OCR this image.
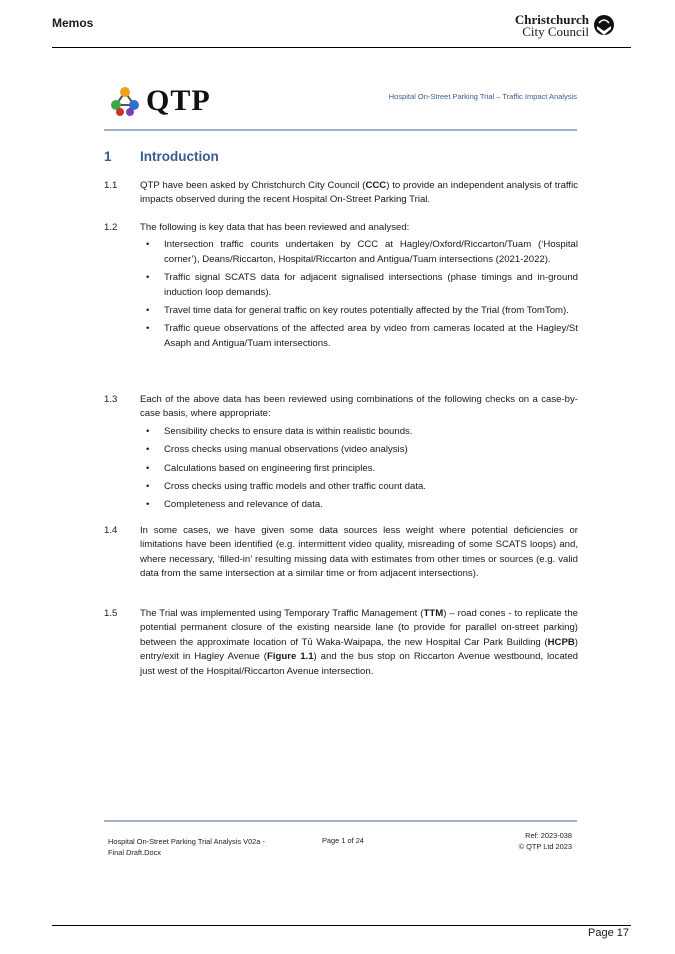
Memos	Christchurch
City Council
QTP	Hospital On-Street Parking Trial – Traffic Impact Analysis
1	Introduction
1.1	QTP have been asked by Christchurch City Council (CCC) to provide an independent analysis of traffic impacts observed during the recent Hospital On-Street Parking Trial.
1.2	The following is key data that has been reviewed and analysed:
• Intersection traffic counts undertaken by CCC at Hagley/Oxford/Riccarton/Tuam (‘Hospital corner’), Deans/Riccarton, Hospital/Riccarton and Antigua/Tuam intersections (2021-2022).
• Traffic signal SCATS data for adjacent signalised intersections (phase timings and in-ground induction loop demands).
• Travel time data for general traffic on key routes potentially affected by the Trial (from TomTom).
• Traffic queue observations of the affected area by video from cameras located at the Hagley/St Asaph and Antigua/Tuam intersections.
1.3	Each of the above data has been reviewed using combinations of the following checks on a case-by-case basis, where appropriate:
• Sensibility checks to ensure data is within realistic bounds.
• Cross checks using manual observations (video analysis)
• Calculations based on engineering first principles.
• Cross checks using traffic models and other traffic count data.
• Completeness and relevance of data.
1.4	In some cases, we have given some data sources less weight where potential deficiencies or limitations have been identified (e.g. intermittent video quality, misreading of some SCATS loops) and, where necessary, ‘filled-in’ resulting missing data with estimates from other times or sources (e.g. valid data from the same intersection at a similar time or from adjacent intersections).
1.5	The Trial was implemented using Temporary Traffic Management (TTM) – road cones - to replicate the potential permanent closure of the existing nearside lane (to provide for parallel on-street parking) between the approximate location of Tū Waka-Waipapa, the new Hospital Car Park Building (HCPB) entry/exit in Hagley Avenue (Figure 1.1) and the bus stop on Riccarton Avenue westbound, located just west of the Hospital/Riccarton Avenue intersection.
Hospital On-Street Parking Trial Analysis V02a -
Final Draft.Docx
Page 1 of 24
Ref: 2023-038
© QTP Ltd 2023
Page 17
